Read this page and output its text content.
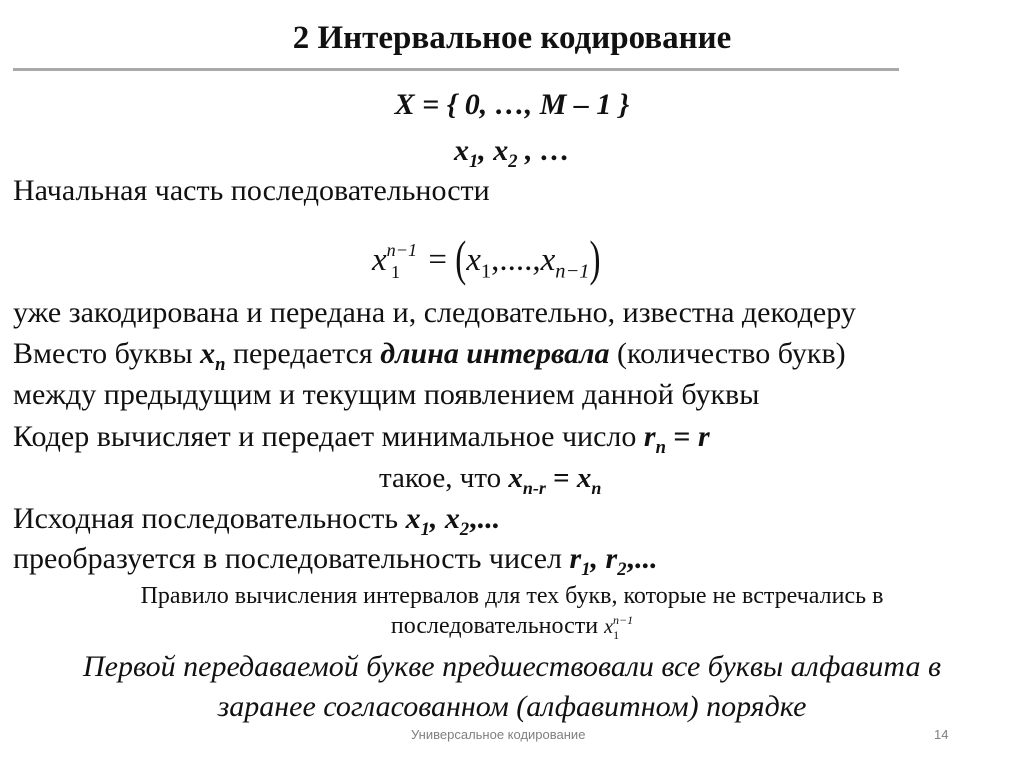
2 Интервальное кодирование
X = { 0, …, M – 1 }
$x_1$, $x_2$ , …
Начальная часть последовательности
$x^{n-1}_1 = (x_1,....,x_{n-1})$
уже закодирована и передана и, следовательно, известна декодеру
Вместо буквы $x_n$ передается длина интервала (количество букв)
между предыдущим и текущим появлением данной буквы
Кодер вычисляет и передает минимальное число $r_n = r$
такое, что $x_{n-r} = x_n$
Исходная последовательность $x_1$, $x_2$,...
преобразуется в последовательность чисел $r_1$, $r_2$,...
Правило вычисления интервалов для тех букв, которые не встречались в
последовательности $x^{n-1}_1$
Первой передаваемой букве предшествовали все буквы алфавита в
заранее согласованном (алфавитном) порядке
Универсальное кодирование	14
